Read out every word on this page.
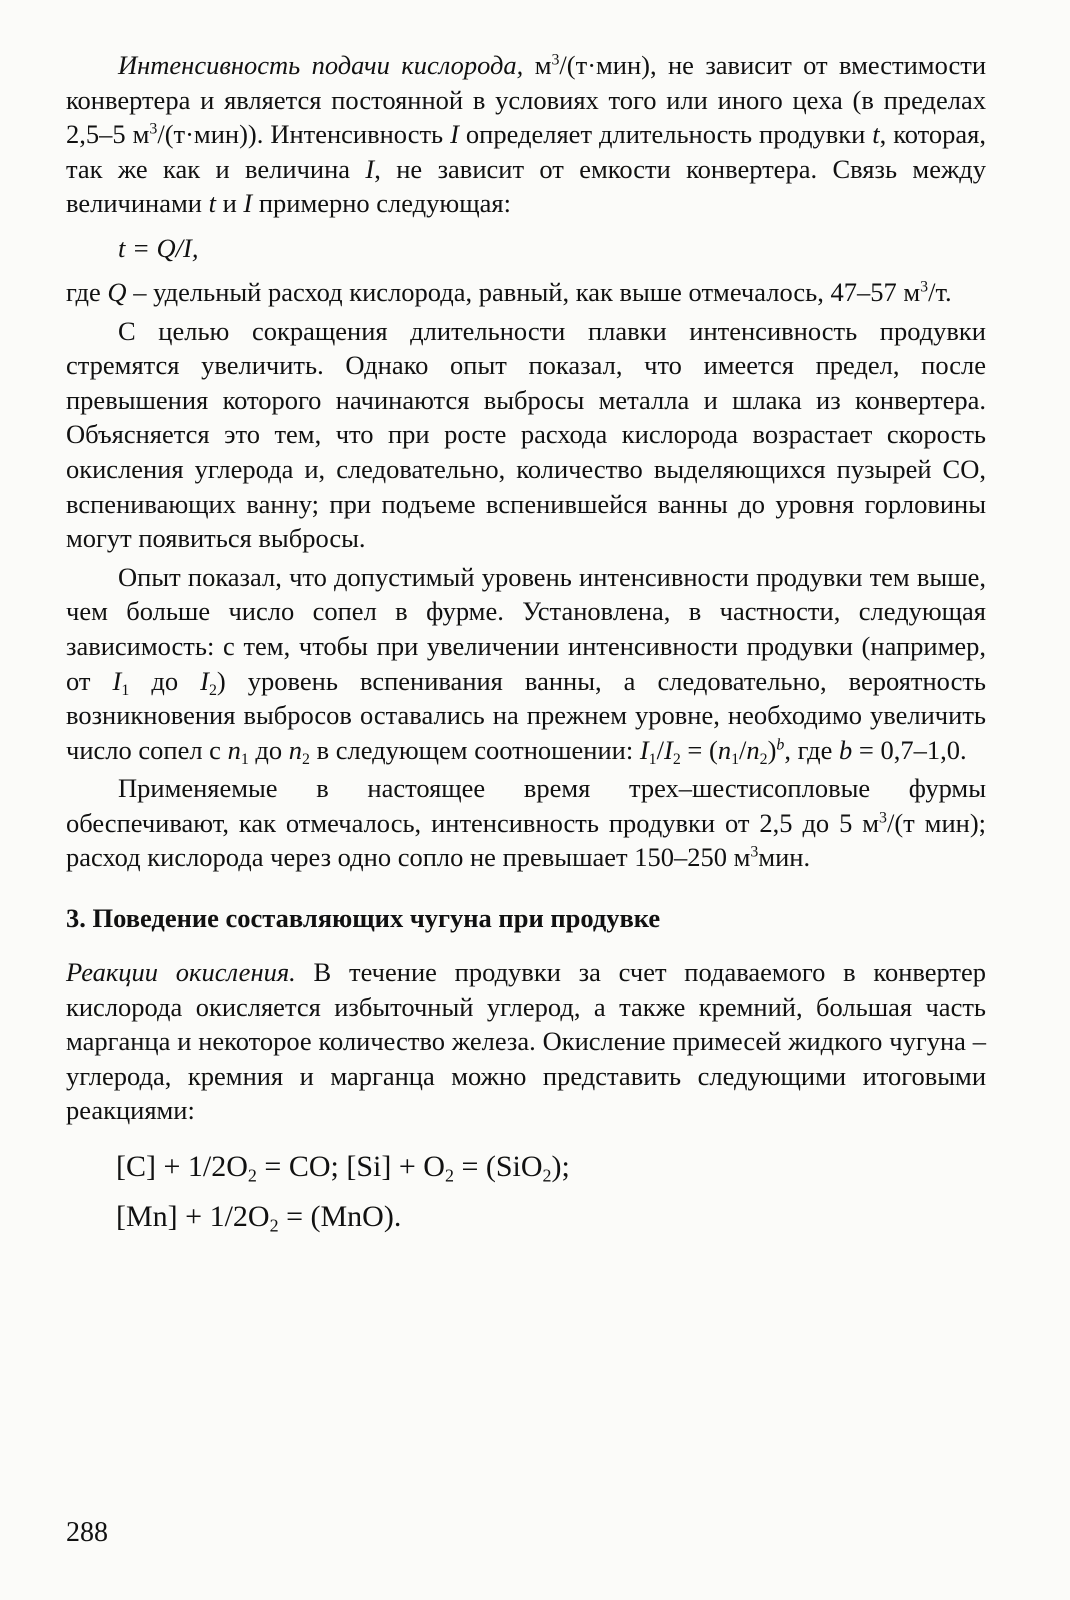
Интенсивность подачи кислорода, $м^3/(т\cdot мин)$, не зависит от вместимости конвертера и является постоянной в условиях того или иного цеха (в пределах 2,5–5 $м^3/(т\cdot мин)$). Интенсивность I определяет длительность продувки t, которая, так же как и величина I, не зависит от емкости конвертера. Связь между величинами t и I примерно следующая:

t = Q/I,

где Q – удельный расход кислорода, равный, как выше отмечалось, 47–57 $м^3/т$.

С целью сокращения длительности плавки интенсивность продувки стремятся увеличить. Однако опыт показал, что имеется предел, после превышения которого начинаются выбросы металла и шлака из конвертера. Объясняется это тем, что при росте расхода кислорода возрастает скорость окисления углерода и, следовательно, количество выделяющихся пузырей СО, вспенивающих ванну; при подъеме вспенившейся ванны до уровня горловины могут появиться выбросы.

Опыт показал, что допустимый уровень интенсивности продувки тем выше, чем больше число сопел в фурме. Установлена, в частности, следующая зависимость: с тем, чтобы при увеличении интенсивности продувки (например, от $I_1$ до $I_2$) уровень вспенивания ванны, а следовательно, вероятность возникновения выбросов оставались на прежнем уровне, необходимо увеличить число сопел с $n_1$ до $n_2$ в следующем соотношении: $I_1/I_2 = (n_1/n_2)^b$, где b = 0,7–1,0.

Применяемые в настоящее время трех–шестисопловые фурмы обеспечивают, как отмечалось, интенсивность продувки от 2,5 до 5 $м^3/(т$ мин); расход кислорода через одно сопло не превышает 150–250 $м^3мин$.

3. Поведение составляющих чугуна при продувке

Реакции окисления. В течение продувки за счет подаваемого в конвертер кислорода окисляется избыточный углерод, а также кремний, большая часть марганца и некоторое количество железа. Окисление примесей жидкого чугуна – углерода, кремния и марганца можно представить следующими итоговыми реакциями:

$[C] + 1/2O_2$ = CO; $[Si] + O_2 = (SiO_2)$;

$[Mn] + 1/2O_2 = (MnO)$.

288
